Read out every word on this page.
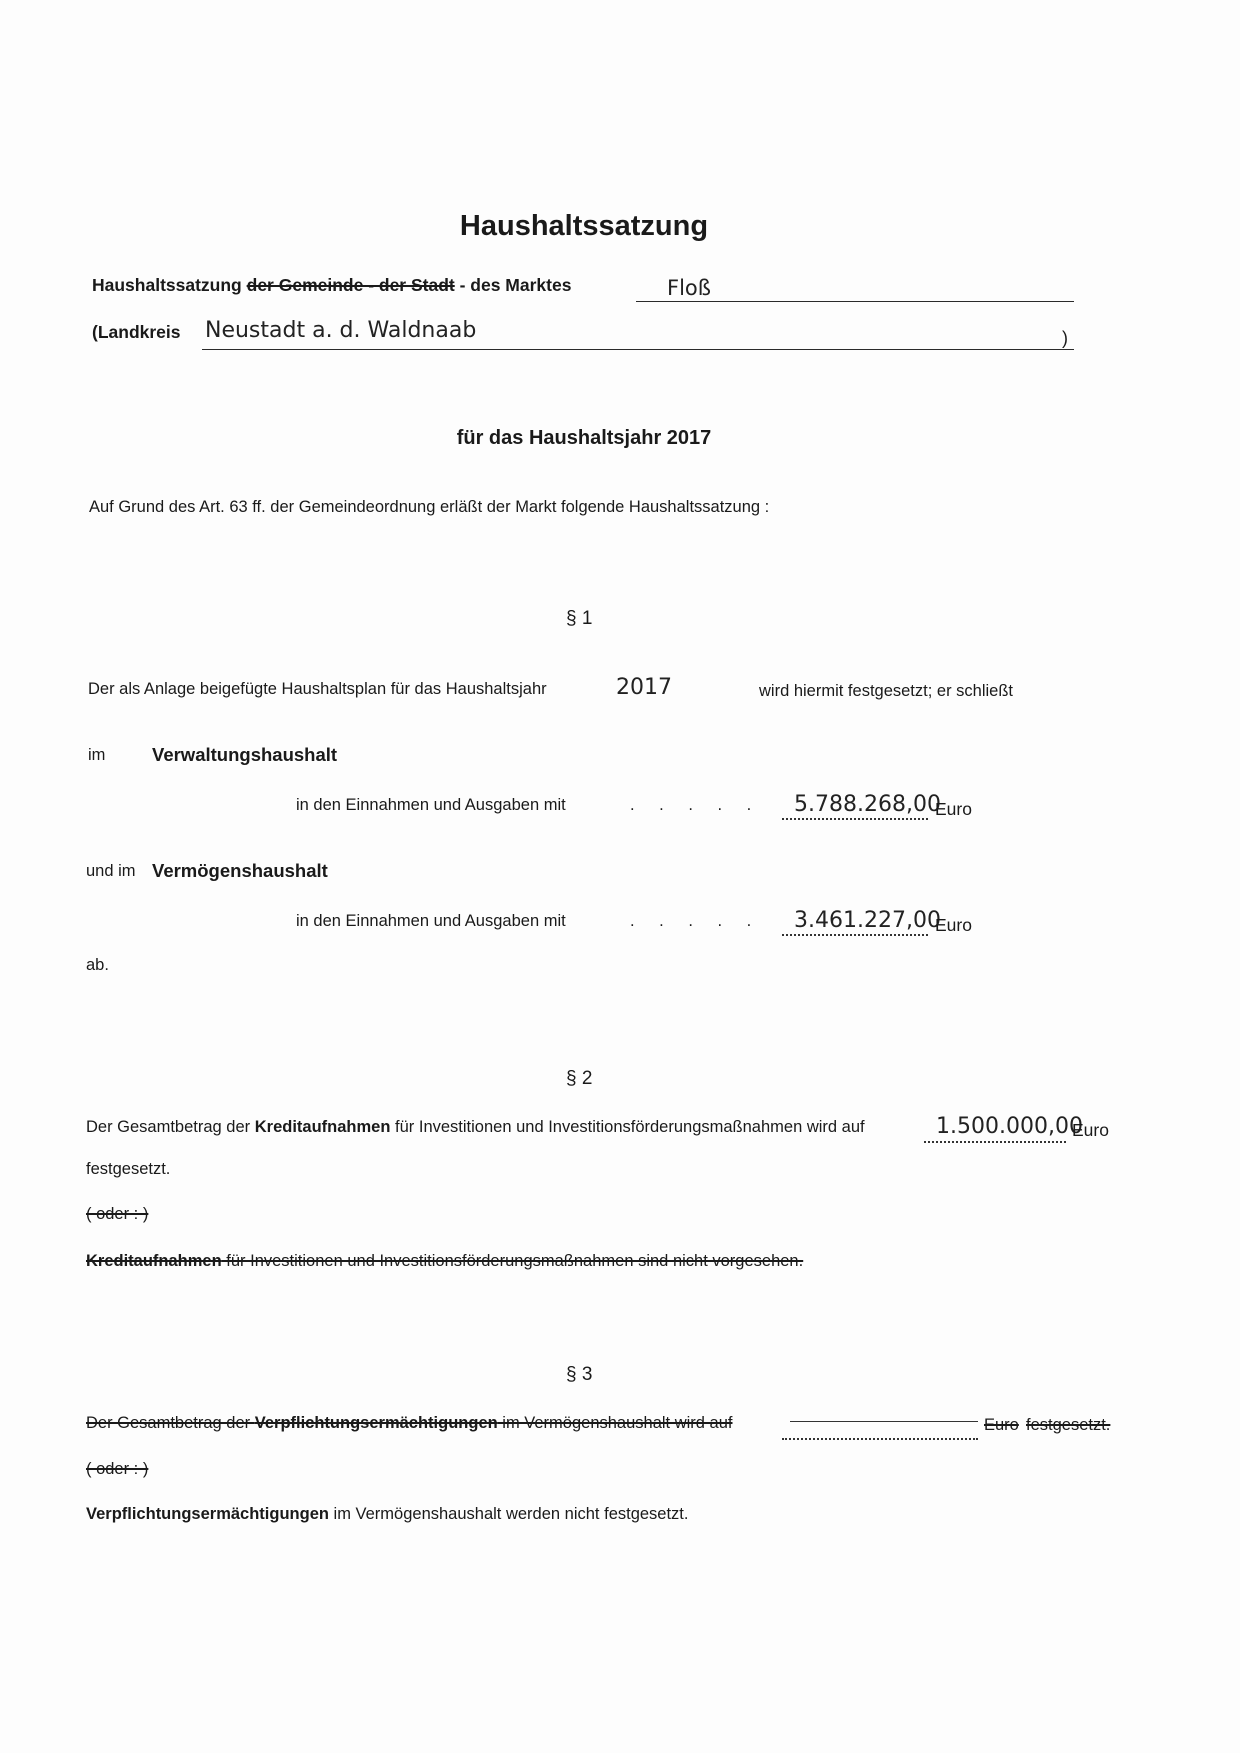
Haushaltssatzung
Haushaltssatzung der Gemeinde - der Stadt - des Marktes	Floß
(Landkreis Neustadt a. d. Waldnaab	)
für das Haushaltsjahr 2017
Auf Grund des Art. 63 ff. der Gemeindeordnung erläßt der Markt folgende Haushaltssatzung :
§ 1
Der als Anlage beigefügte Haushaltsplan für das Haushaltsjahr	2017	wird hiermit festgesetzt; er schließt
im	Verwaltungshaushalt
in den Einnahmen und Ausgaben mit	. . . . . 5.788.268,00
Euro
und im Vermögenshaushalt
in den Einnahmen und Ausgaben mit	. . . . . 3.461.227,00
Euro
ab.
§ 2
Der Gesamtbetrag der Kreditaufnahmen für Investitionen und Investitionsförderungsmaßnahmen wird auf	1.500.000,00
Euro
festgesetzt.
( oder : )
Kreditaufnahmen für Investitionen und Investitionsförderungsmaßnahmen sind nicht vorgesehen.
§ 3
Der Gesamtbetrag der Verpflichtungsermächtigungen im Vermögenshaushalt wird auf	Euro festgesetzt.
( oder : )
Verpflichtungsermächtigungen im Vermögenshaushalt werden nicht festgesetzt.
